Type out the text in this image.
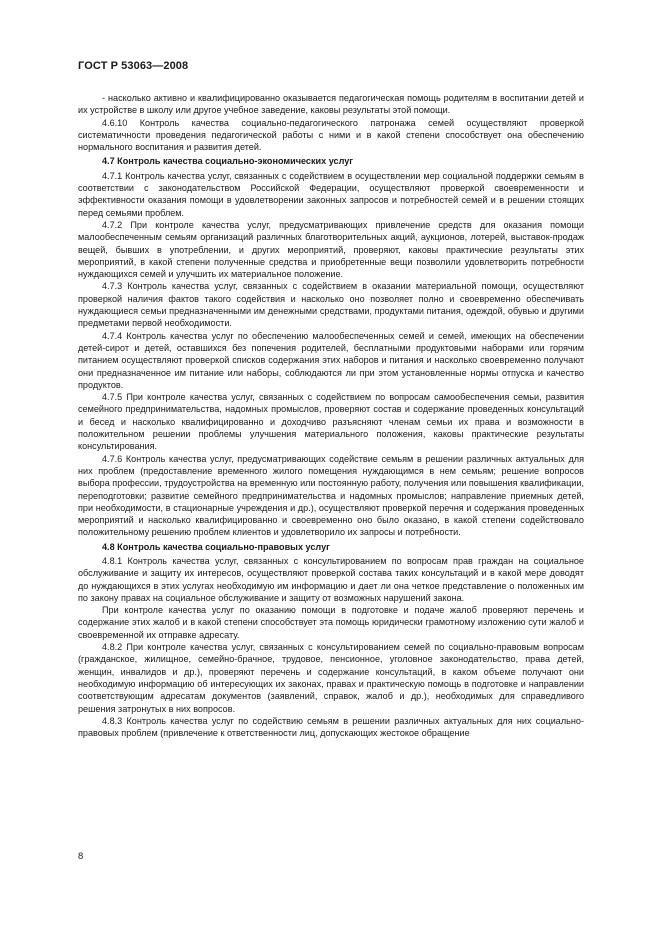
ГОСТ Р 53063—2008

- насколько активно и квалифицированно оказывается педагогическая помощь родителям в воспитании детей и их устройстве в школу или другое учебное заведение, каковы результаты этой помощи.

4.6.10 Контроль качества социально-педагогического патронажа семей осуществляют проверкой систематичности проведения педагогической работы с ними и в какой степени способствует она обеспечению нормального воспитания и развития детей.

4.7 Контроль качества социально-экономических услуг

4.7.1 Контроль качества услуг, связанных с содействием в осуществлении мер социальной поддержки семьям в соответствии с законодательством Российской Федерации, осуществляют проверкой своевременности и эффективности оказания помощи в удовлетворении законных запросов и потребностей семей и в решении стоящих перед семьями проблем.

4.7.2 При контроле качества услуг, предусматривающих привлечение средств для оказания помощи малообеспеченным семьям организаций различных благотворительных акций, аукционов, лотерей, выставок-продаж вещей, бывших в употреблении, и других мероприятий, проверяют, каковы практические результаты этих мероприятий, в какой степени полученные средства и приобретенные вещи позволили удовлетворить потребности нуждающихся семей и улучшить их материальное положение.

4.7.3 Контроль качества услуг, связанных с содействием в оказании материальной помощи, осуществляют проверкой наличия фактов такого содействия и насколько оно позволяет полно и своевременно обеспечивать нуждающиеся семьи предназначенными им денежными средствами, продуктами питания, одеждой, обувью и другими предметами первой необходимости.

4.7.4 Контроль качества услуг по обеспечению малообеспеченных семей и семей, имеющих на обеспечении детей-сирот и детей, оставшихся без попечения родителей, бесплатными продуктовыми наборами или горячим питанием осуществляют проверкой списков содержания этих наборов и питания и насколько своевременно получают они предназначенное им питание или наборы, соблюдаются ли при этом установленные нормы отпуска и качество продуктов.

4.7.5 При контроле качества услуг, связанных с содействием по вопросам самообеспечения семьи, развития семейного предпринимательства, надомных промыслов, проверяют состав и содержание проведенных консультаций и бесед и насколько квалифицированно и доходчиво разъясняют членам семьи их права и возможности в положительном решении проблемы улучшения материального положения, каковы практические результаты консультирования.

4.7.6 Контроль качества услуг, предусматривающих содействие семьям в решении различных актуальных для них проблем (предоставление временного жилого помещения нуждающимся в нем семьям; решение вопросов выбора профессии, трудоустройства на временную или постоянную работу, получения или повышения квалификации, переподготовки; развитие семейного предпринимательства и надомных промыслов; направление приемных детей, при необходимости, в стационарные учреждения и др.), осуществляют проверкой перечня и содержания проведенных мероприятий и насколько квалифицированно и своевременно оно было оказано, в какой степени содействовало положительному решению проблем клиентов и удовлетворило их запросы и потребности.

4.8 Контроль качества социально-правовых услуг

4.8.1 Контроль качества услуг, связанных с консультированием по вопросам прав граждан на социальное обслуживание и защиту их интересов, осуществляют проверкой состава таких консультаций и в какой мере доводят до нуждающихся в этих услугах необходимую им информацию и дает ли она четкое представление о положенных им по закону правах на социальное обслуживание и защиту от возможных нарушений закона.

При контроле качества услуг по оказанию помощи в подготовке и подаче жалоб проверяют перечень и содержание этих жалоб и в какой степени способствует эта помощь юридически грамотному изложению сути жалоб и своевременной их отправке адресату.

4.8.2 При контроле качества услуг, связанных с консультированием семей по социально-правовым вопросам (гражданское, жилищное, семейно-брачное, трудовое, пенсионное, уголовное законодательство, права детей, женщин, инвалидов и др.), проверяют перечень и содержание консультаций, в каком объеме получают они необходимую информацию об интересующих их законах, правах и практическую помощь в подготовке и направлении соответствующим адресатам документов (заявлений, справок, жалоб и др.), необходимых для справедливого решения затронутых в них вопросов.

4.8.3 Контроль качества услуг по содействию семьям в решении различных актуальных для них социально-правовых проблем (привлечение к ответственности лиц, допускающих жестокое обращение

8
